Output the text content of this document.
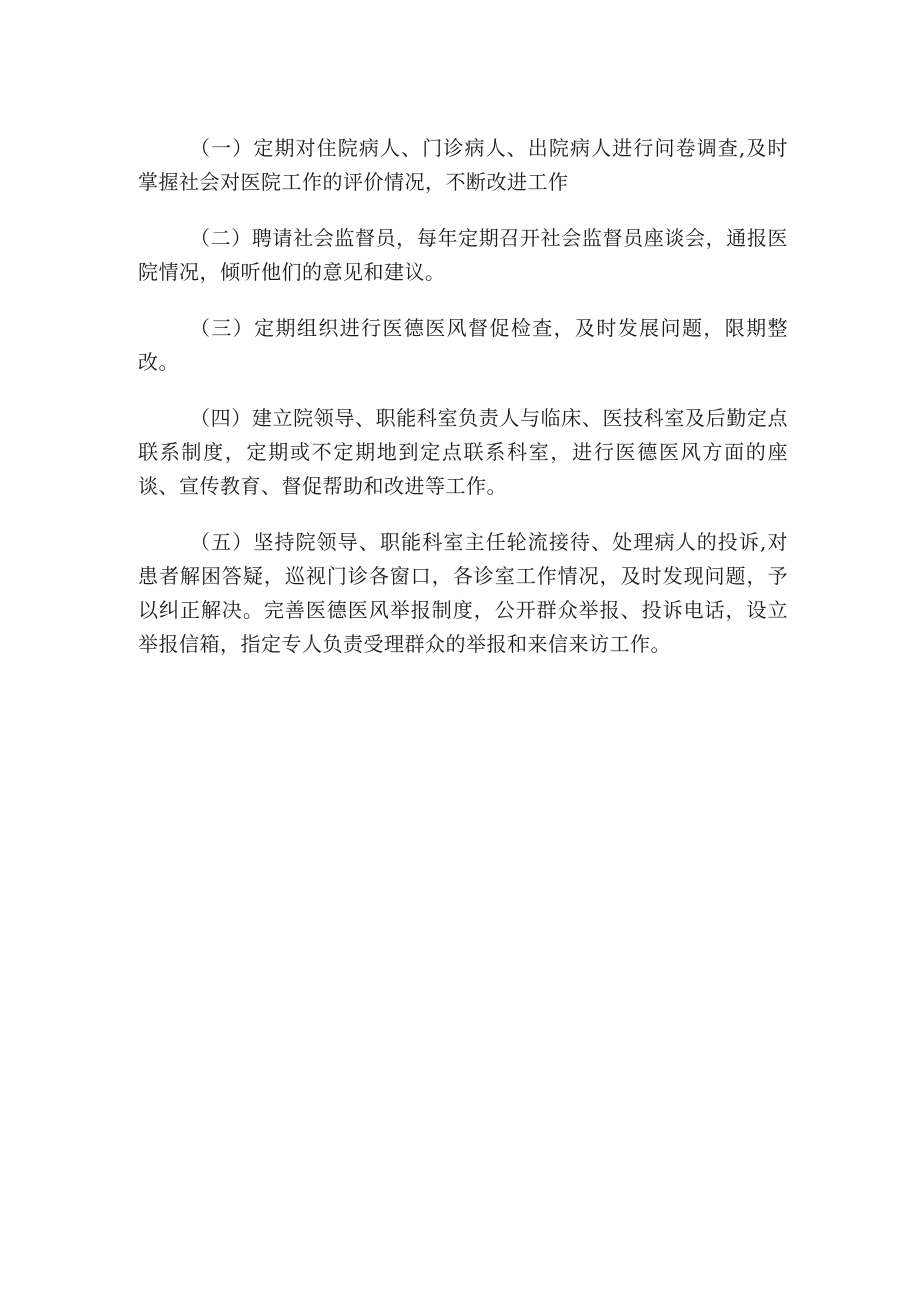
（一）定期对住院病人、门诊病人、出院病人进行问卷调查,及时掌握社会对医院工作的评价情况，不断改进工作

（二）聘请社会监督员，每年定期召开社会监督员座谈会，通报医院情况，倾听他们的意见和建议。

（三）定期组织进行医德医风督促检查，及时发展问题，限期整改。

（四）建立院领导、职能科室负责人与临床、医技科室及后勤定点联系制度，定期或不定期地到定点联系科室，进行医德医风方面的座谈、宣传教育、督促帮助和改进等工作。

（五）坚持院领导、职能科室主任轮流接待、处理病人的投诉,对患者解困答疑，巡视门诊各窗口，各诊室工作情况，及时发现问题，予以纠正解决。完善医德医风举报制度，公开群众举报、投诉电话，设立举报信箱，指定专人负责受理群众的举报和来信来访工作。
